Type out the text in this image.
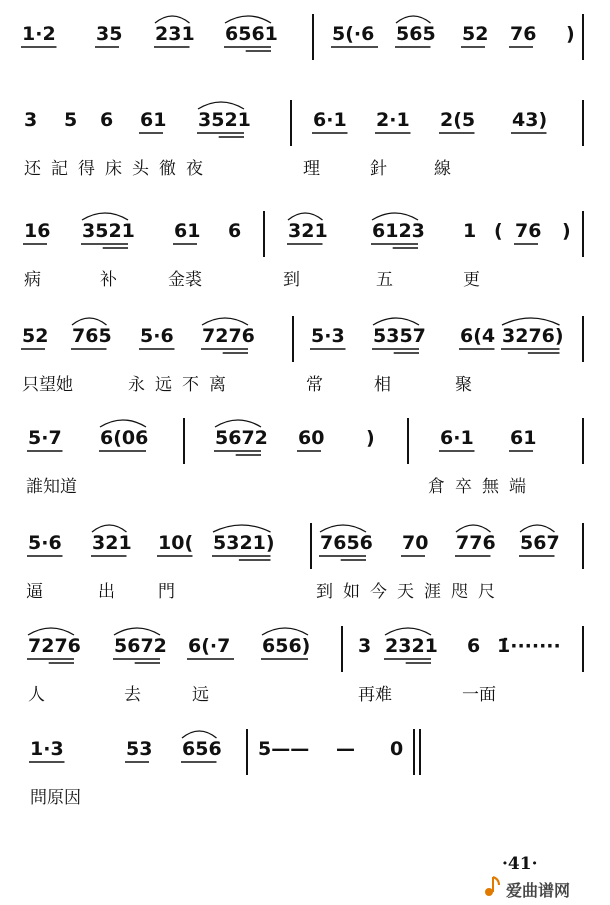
1·2 35 231 6561	5(·6 565 52 76 )
3 5 6 61 3521	6·1 2·1 2(5 43)
还記得床头徹夜	理	針	線
16 3521 61 6 321 6123 1 ( 76 )
病	补	金裘	到	五	更
52 765 5·6 7276	5·3 5357 6(4 3276)
只望她	永远不离	常	相	聚
5·7 6(06	5672 60 )	6·1 61
誰知道	倉卒無端
5·6 321 10( 5321) 7656 70 776 567
逼	出	門	到如今天涯咫尺
7276 5672 6(·7 656)	3 2321 6 1̇·······
人	去	远	再难	一面
1·3	53 656 5—— — 0
問原因
·41·
爱曲谱网
